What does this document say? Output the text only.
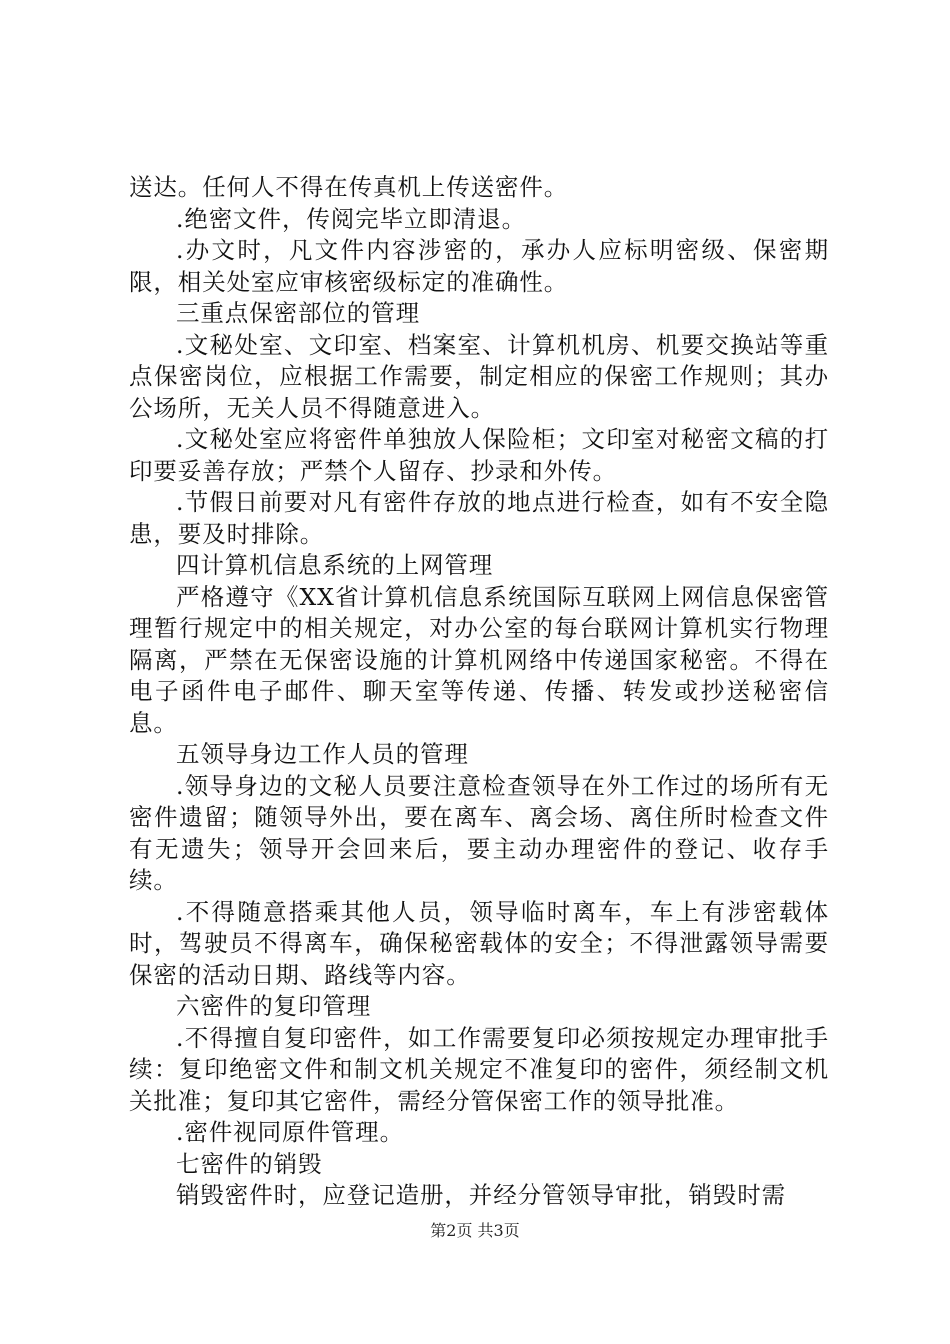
送达。任何人不得在传真机上传送密件。

.绝密文件，传阅完毕立即清退。

.办文时，凡文件内容涉密的，承办人应标明密级、保密期限，相关处室应审核密级标定的准确性。

三重点保密部位的管理

.文秘处室、文印室、档案室、计算机机房、机要交换站等重点保密岗位，应根据工作需要，制定相应的保密工作规则；其办公场所，无关人员不得随意进入。

.文秘处室应将密件单独放人保险柜；文印室对秘密文稿的打印要妥善存放；严禁个人留存、抄录和外传。

.节假日前要对凡有密件存放的地点进行检查，如有不安全隐患，要及时排除。

四计算机信息系统的上网管理

严格遵守《XX省计算机信息系统国际互联网上网信息保密管理暂行规定中的相关规定，对办公室的每台联网计算机实行物理隔离，严禁在无保密设施的计算机网络中传递国家秘密。不得在电子函件电子邮件、聊天室等传递、传播、转发或抄送秘密信息。

五领导身边工作人员的管理

.领导身边的文秘人员要注意检查领导在外工作过的场所有无密件遗留；随领导外出，要在离车、离会场、离住所时检查文件有无遗失；领导开会回来后，要主动办理密件的登记、收存手续。

.不得随意搭乘其他人员，领导临时离车，车上有涉密载体时，驾驶员不得离车，确保秘密载体的安全；不得泄露领导需要保密的活动日期、路线等内容。

六密件的复印管理

.不得擅自复印密件，如工作需要复印必须按规定办理审批手续：复印绝密文件和制文机关规定不准复印的密件，须经制文机关批准；复印其它密件，需经分管保密工作的领导批准。

.密件视同原件管理。

七密件的销毁

销毁密件时，应登记造册，并经分管领导审批，销毁时需

第2页 共3页
